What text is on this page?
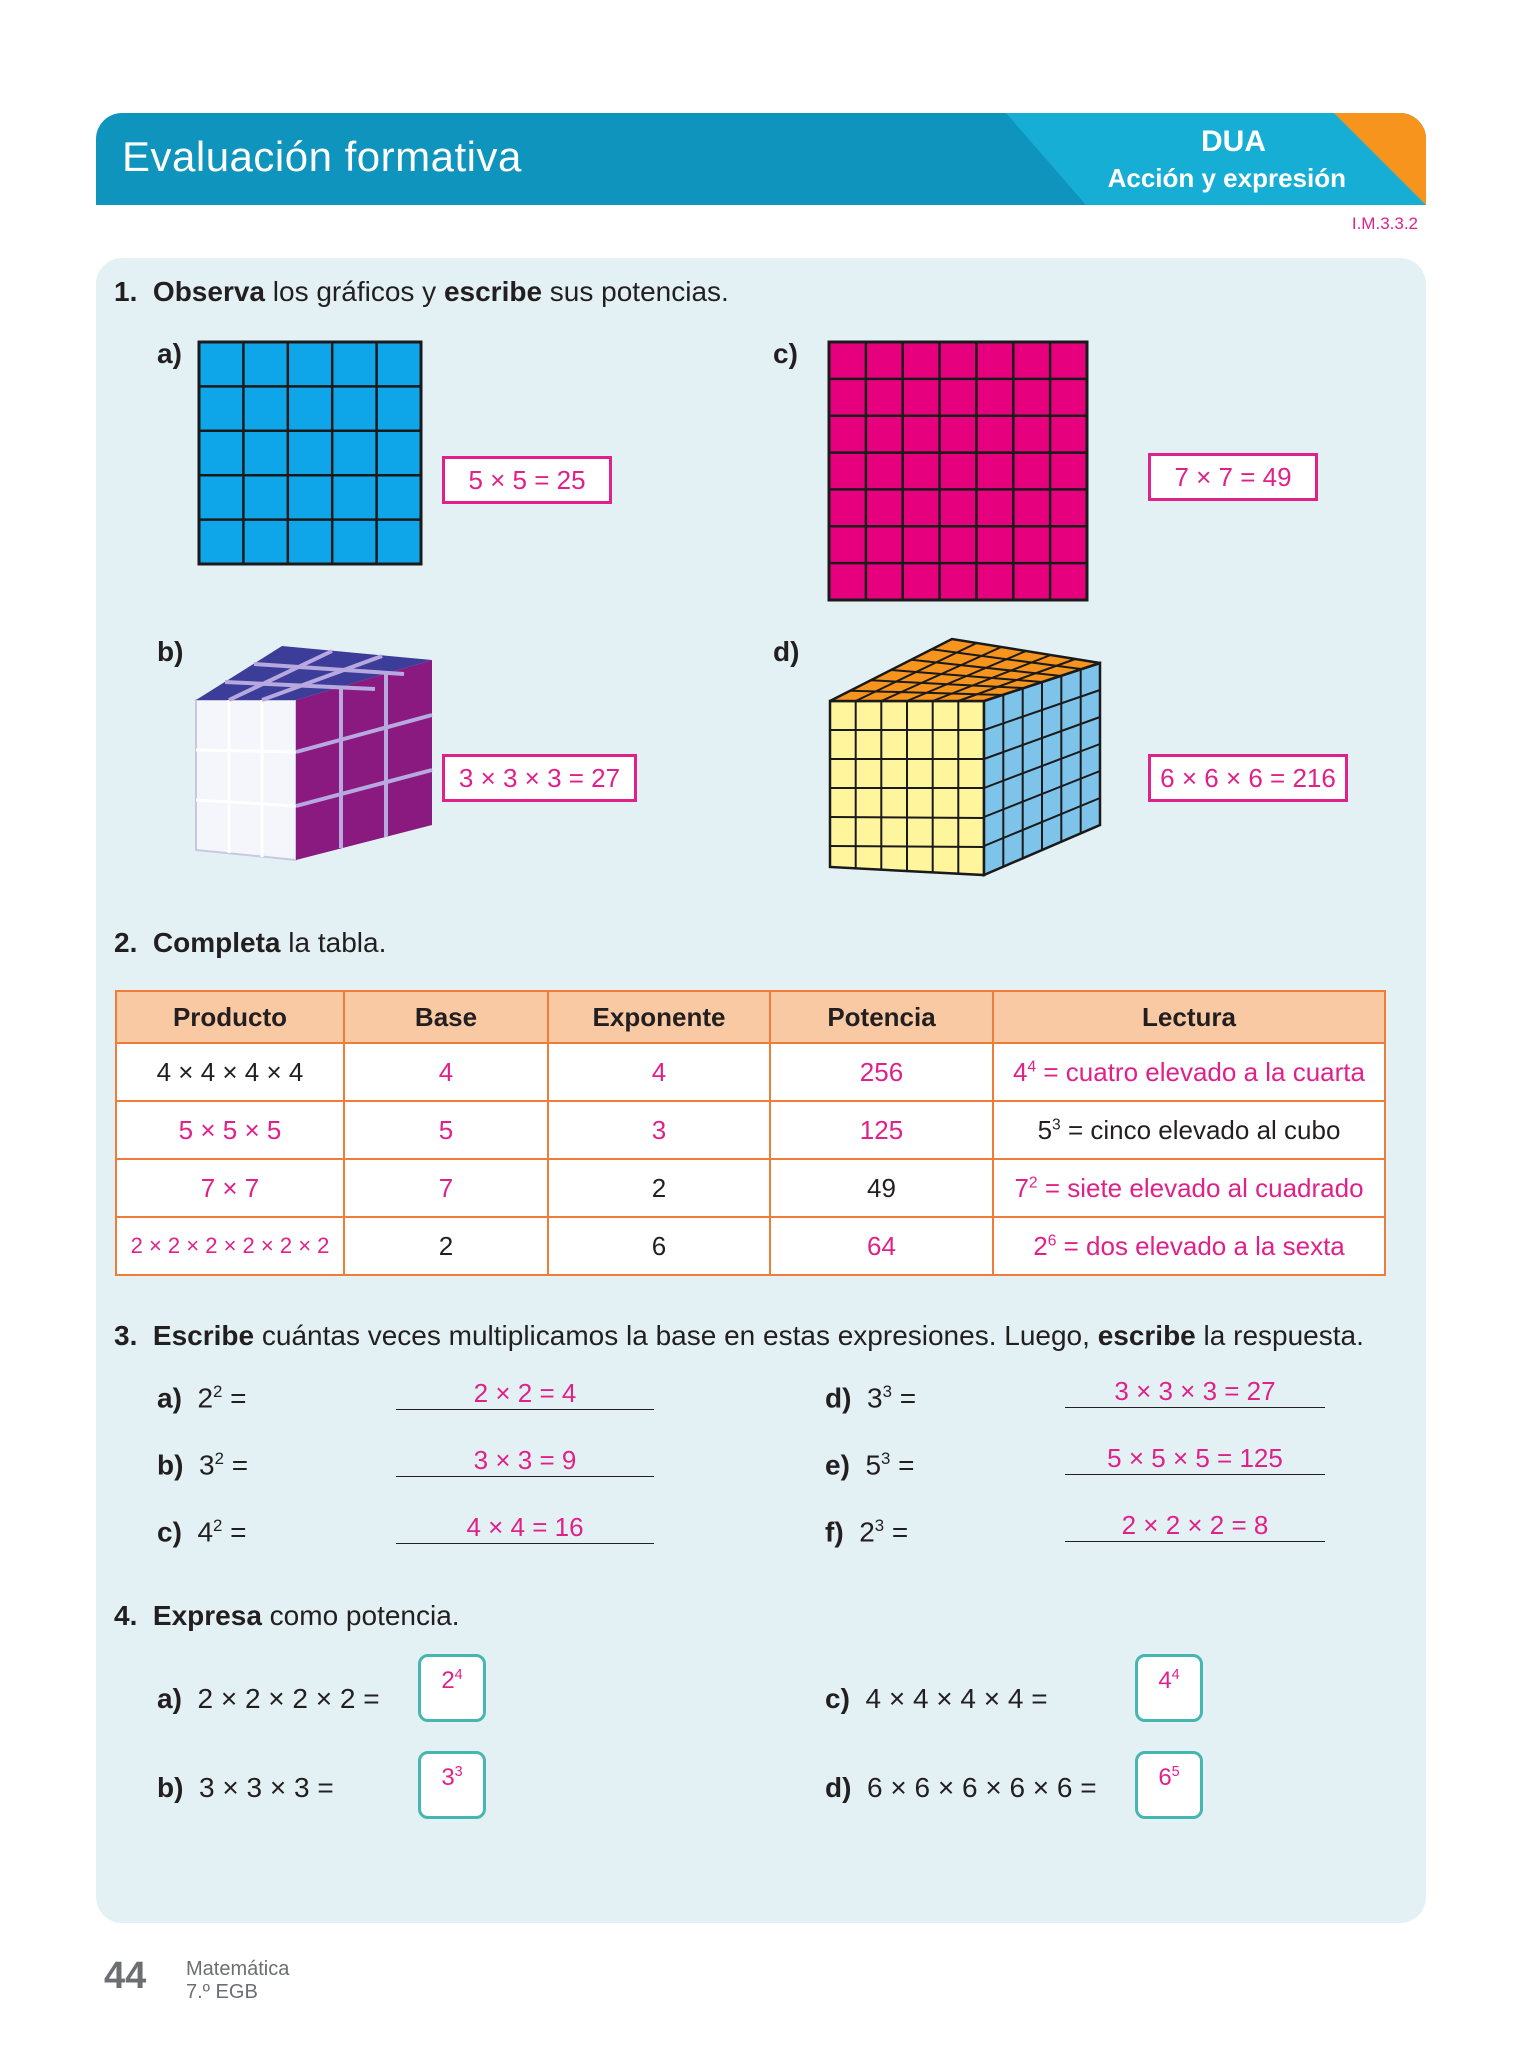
Evaluación formativa	DUA
Acción y expresión
I.M.3.3.2
1. Observa los gráficos y escribe sus potencias.
a)	c)
b)	d)
5 × 5 = 25	7 × 7 = 49
3 × 3 × 3 = 27	6 × 6 × 6 = 216
2. Completa la tabla.
Producto	Base	Exponente	Potencia	Lectura
4 × 4 × 4 × 4	4	4	256	$4^4$ = cuatro elevado a la cuarta
5 × 5 × 5	5	3	125	$5^3$ = cinco elevado al cubo
7 × 7	7	2	49	$7^2$ = siete elevado al cuadrado
2 × 2 × 2 × 2 × 2 × 2	2	6	64	$2^6$ = dos elevado a la sexta
3. Escribe cuántas veces multiplicamos la base en estas expresiones. Luego, escribe la respuesta.
a) $2^2$ =	2 × 2 = 4
b) $3^2$ =	3 × 3 = 9
c) $4^2$ =	4 × 4 = 16
d) $3^3$ =	3 × 3 × 3 = 27
e) $5^3$ =	5 × 5 × 5 = 125
f) $2^3$ =	2 × 2 × 2 = 8
4. Expresa como potencia.
a) 2 × 2 × 2 × 2 =
$2^4$
b) 3 × 3 × 3 =	$3^3$
c) 4 × 4 × 4 × 4 =
$4^4$
d) 6 × 6 × 6 × 6 × 6 =	$6^5$
44 Matemática
7.º EGB
